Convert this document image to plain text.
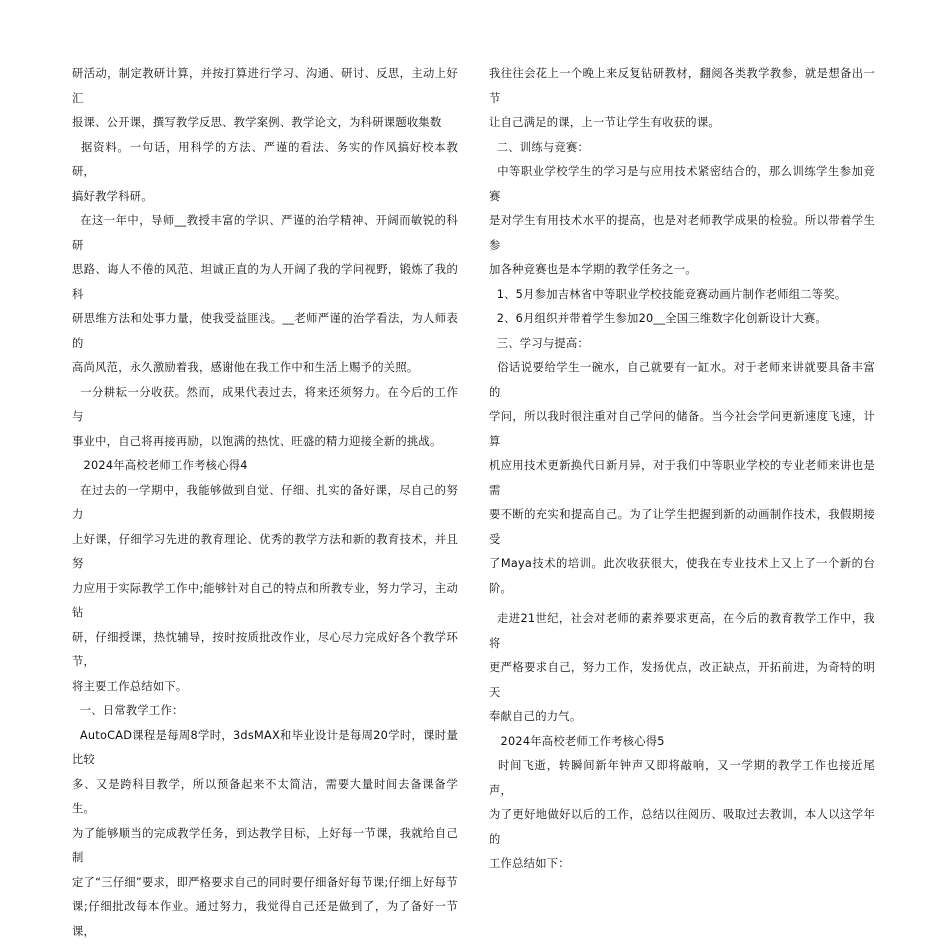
研活动，制定教研计算，并按打算进行学习、沟通、研讨、反思，主动上好汇

报课、公开课，撰写教学反思、教学案例、教学论文，为科研课题收集数

据资料。一句话，用科学的方法、严谨的看法、务实的作风搞好校本教研，

搞好教学科研。

在这一年中，导师__教授丰富的学识、严谨的治学精神、开阔而敏锐的科研

思路、诲人不倦的风范、坦诚正直的为人开阔了我的学问视野，锻炼了我的科

研思维方法和处事力量，使我受益匪浅。__老师严谨的治学看法，为人师表的

高尚风范，永久激励着我，感谢他在我工作中和生活上赐予的关照。

一分耕耘一分收获。然而，成果代表过去，将来还须努力。在今后的工作与

事业中，自己将再接再励，以饱满的热忱、旺盛的精力迎接全新的挑战。

2024年高校老师工作考核心得4

在过去的一学期中，我能够做到自觉、仔细、扎实的备好课，尽自己的努力

上好课，仔细学习先进的教育理论、优秀的教学方法和新的教育技术，并且努

力应用于实际教学工作中;能够针对自己的特点和所教专业，努力学习，主动钻

研，仔细授课，热忱辅导，按时按质批改作业，尽心尽力完成好各个教学环节，

将主要工作总结如下。

一、日常教学工作：

AutoCAD课程是每周8学时，3dsMAX和毕业设计是每周20学时，课时量比较

多、又是跨科目教学，所以预备起来不太简洁，需要大量时间去备课备学生。

为了能够顺当的完成教学任务，到达教学目标，上好每一节课，我就给自己制

定了“三仔细”要求，即严格要求自己的同时要仔细备好每节课;仔细上好每节

课;仔细批改每本作业。通过努力，我觉得自己还是做到了，为了备好一节课，

我往往会花上一个晚上来反复钻研教材，翻阅各类教学教参，就是想备出一节

让自己满足的课，上一节让学生有收获的课。

二、训练与竞赛：

中等职业学校学生的学习是与应用技术紧密结合的，那么训练学生参加竞赛

是对学生有用技术水平的提高，也是对老师教学成果的检验。所以带着学生参

加各种竞赛也是本学期的教学任务之一。

1、5月参加吉林省中等职业学校技能竞赛动画片制作老师组二等奖。

2、6月组织并带着学生参加20__全国三维数字化创新设计大赛。

三、学习与提高：

俗话说要给学生一碗水，自己就要有一缸水。对于老师来讲就要具备丰富的

学问，所以我时很注重对自己学问的储备。当今社会学问更新速度飞速，计算

机应用技术更新换代日新月异，对于我们中等职业学校的专业老师来讲也是需

要不断的充实和提高自己。为了让学生把握到新的动画制作技术，我假期接受

了Maya技术的培训。此次收获很大，使我在专业技术上又上了一个新的台阶。

走进21世纪，社会对老师的素养要求更高，在今后的教育教学工作中，我将

更严格要求自己，努力工作，发扬优点，改正缺点，开拓前进，为奇特的明天

奉献自己的力气。

2024年高校老师工作考核心得5

时间飞逝，转瞬间新年钟声又即将敲响，又一学期的教学工作也接近尾声，

为了更好地做好以后的工作，总结以往阅历、吸取过去教训，本人以这学年的

工作总结如下：
